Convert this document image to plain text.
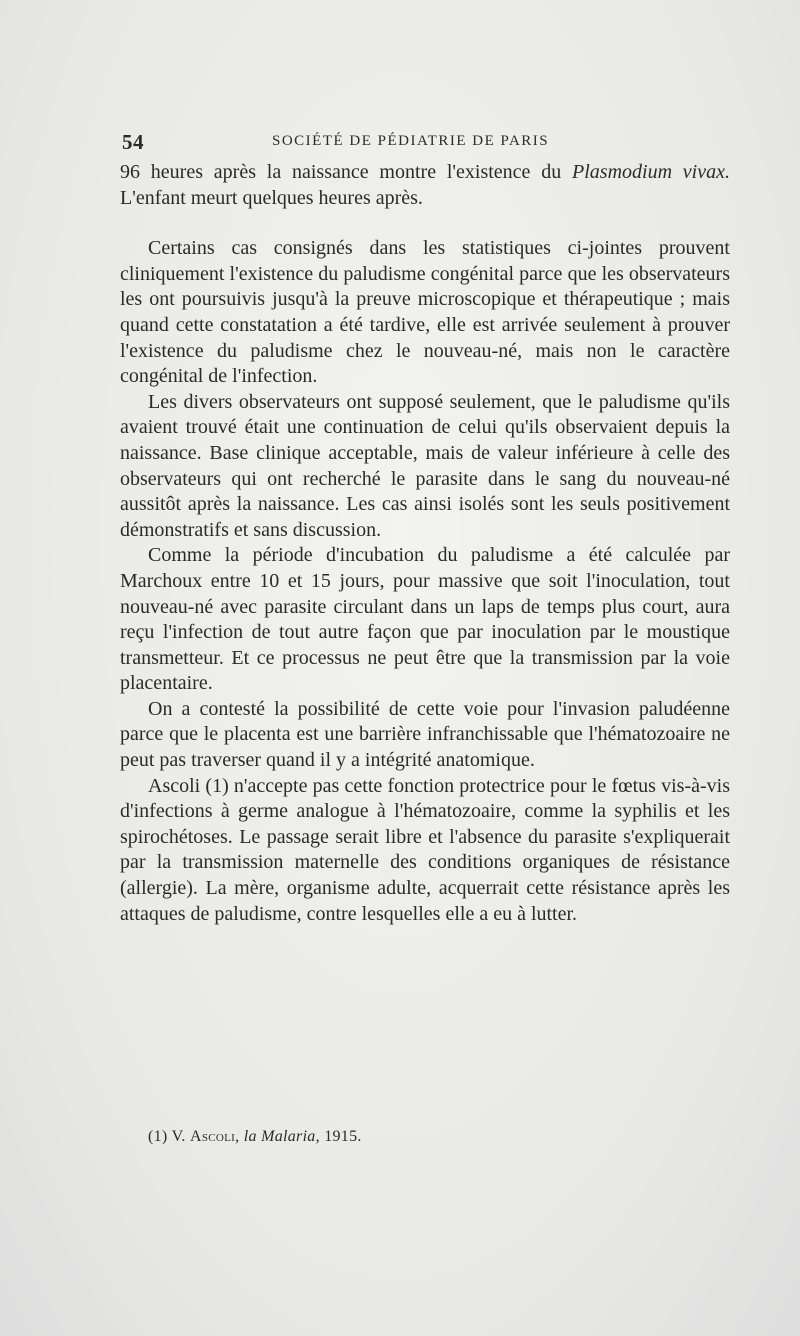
54	SOCIÉTÉ DE PÉDIATRIE DE PARIS

96 heures après la naissance montre l'existence du Plasmodium vivax. L'enfant meurt quelques heures après.

Certains cas consignés dans les statistiques ci-jointes prouvent cliniquement l'existence du paludisme congénital parce que les observateurs les ont poursuivis jusqu'à la preuve microscopique et thérapeutique ; mais quand cette constatation a été tardive, elle est arrivée seulement à prouver l'existence du paludisme chez le nouveau-né, mais non le caractère congénital de l'infection.

Les divers observateurs ont supposé seulement, que le paludisme qu'ils avaient trouvé était une continuation de celui qu'ils observaient depuis la naissance. Base clinique acceptable, mais de valeur inférieure à celle des observateurs qui ont recherché le parasite dans le sang du nouveau-né aussitôt après la naissance. Les cas ainsi isolés sont les seuls positivement démonstratifs et sans discussion.

Comme la période d'incubation du paludisme a été calculée par Marchoux entre 10 et 15 jours, pour massive que soit l'inoculation, tout nouveau-né avec parasite circulant dans un laps de temps plus court, aura reçu l'infection de tout autre façon que par inoculation par le moustique transmetteur. Et ce processus ne peut être que la transmission par la voie placentaire.

On a contesté la possibilité de cette voie pour l'invasion paludéenne parce que le placenta est une barrière infranchissable que l'hématozoaire ne peut pas traverser quand il y a intégrité anatomique.

Ascoli (1) n'accepte pas cette fonction protectrice pour le fœtus vis-à-vis d'infections à germe analogue à l'hématozoaire, comme la syphilis et les spirochétoses. Le passage serait libre et l'absence du parasite s'expliquerait par la transmission maternelle des conditions organiques de résistance (allergie). La mère, organisme adulte, acquerrait cette résistance après les attaques de paludisme, contre lesquelles elle a eu à lutter.

(1) V. Ascoli, la Malaria, 1915.
